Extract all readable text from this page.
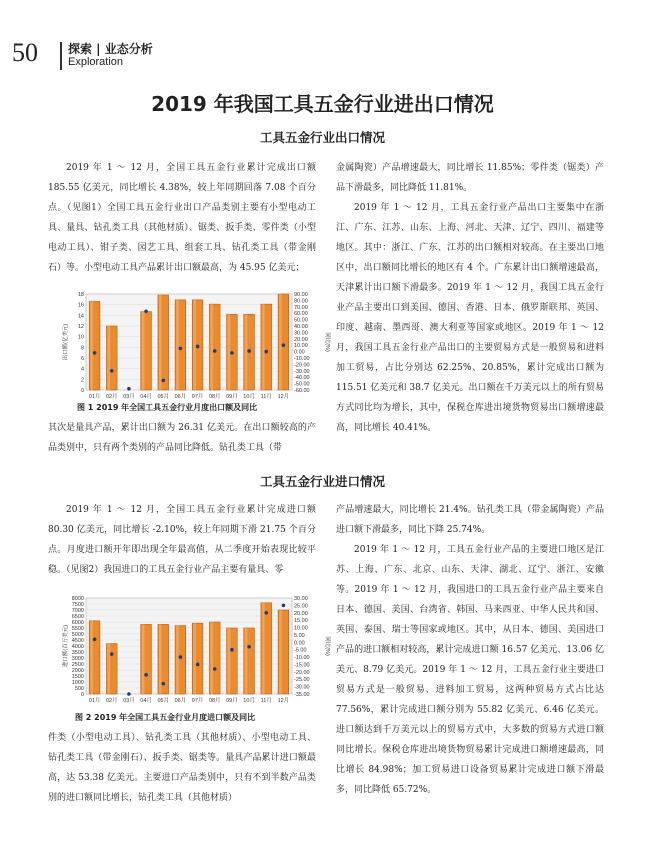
50	探索 | 业态分析
Exploration
2019 年我国工具五金行业进出口情况
工具五金行业出口情况
2019 年 1 ～ 12 月，全国工具五金行业累计完成出口额 185.55 亿美元，同比增长 4.38%，较上年同期回落 7.08 个百分点。（见图1）全国工具五金行业出口产品类别主要有小型电动工具、量具、钻孔类工具（其他材质）、锯类、扳手类、零件类（小型电动工具）、钳子类、园艺工具、组套工具、钻孔类工具（带金刚石）等。小型电动工具产品累计出口额最高，为 45.95 亿美元；
0
2
4
6
8
10
12
14
16
18
-60.00
-50.00
-40.00
-30.00
-20.00
-10.00
0.00
10.00
20.00
30.00
40.00
50.00
60.00
70.00
80.00
90.00
出口额(亿美元)	同比(%)
01月 02月 03月 04月 05月 06月 07月 08月 09月 10月 11月 12月
图 1 2019 年全国工具五金行业月度出口额及同比
其次是量具产品，累计出口额为 26.31 亿美元。在出口额较高的产品类别中，只有两个类别的产品同比降低。钻孔类工具（带
金属陶瓷）产品增速最大，同比增长 11.85%；零件类（锯类）产品下滑最多，同比降低 11.81%。
2019 年 1 ～ 12 月，工具五金行业产品出口主要集中在浙江、广东、江苏、山东、上海、河北、天津、辽宁、四川、福建等地区。其中：浙江、广东、江苏的出口额相对较高。在主要出口地区中，出口额同比增长的地区有 4 个。广东累计出口额增速最高，天津累计出口额下滑最多。2019 年 1 ～ 12 月，我国工具五金行业产品主要出口到美国、德国、香港、日本、俄罗斯联邦、英国、印度、越南、墨西哥、澳大利亚等国家或地区。2019 年 1 ～ 12 月，我国工具五金行业产品出口的主要贸易方式是一般贸易和进料加工贸易，占比分别达 62.25%、20.85%，累计完成出口额为 115.51 亿美元和 38.7 亿美元。出口额在千万美元以上的所有贸易方式同比均为增长，其中，保税仓库进出境货物贸易出口额增速最高，同比增长 40.41%。
工具五金行业进口情况
2019 年 1 ～ 12 月，全国工具五金行业累计完成进口额 80.30 亿美元，同比增长 -2.10%，较上年同期下滑 21.75 个百分点。月度进口额开年即出现全年最高值，从二季度开始表现比较平稳。（见图2）我国进口的工具五金行业产品主要有量具、零
0
500
1000
1500
2000
2500
3000
3500
4000
4500
5000
5500
6000
6500
7000
7500
8000
-35.00
-30.00
-25.00
-20.00
-15.00
-10.00
-5.00
0.00
5.00
10.00
15.00
20.00
25.00
30.00
进口额(百万美元)	同比(%)
01月 02月 03月 04月 05月 06月 07月 08月 09月 10月 11月 12月
图 2 2019 年全国工具五金行业月度进口额及同比
件类（小型电动工具）、钻孔类工具（其他材质）、小型电动工具、钻孔类工具（带金刚石）、扳手类、锯类等。量具产品累计进口额最高，达 53.38 亿美元。主要进口产品类别中，只有不到半数产品类别的进口额同比增长，钻孔类工具（其他材质）
产品增速最大，同比增长 21.4%。钻孔类工具（带金属陶瓷）产品进口额下滑最多，同比下降 25.74%。
2019 年 1 ～ 12 月，工具五金行业产品的主要进口地区是江苏、上海、广东、北京、山东、天津、湖北、辽宁、浙江、安徽等。2019 年 1 ～ 12 月，我国进口的工具五金行业产品主要来自日本、德国、美国、台湾省、韩国、马来西亚、中华人民共和国、英国、泰国、瑞士等国家或地区。其中，从日本、德国、美国进口产品的进口额相对较高，累计完成进口额 16.57 亿美元、13.06 亿美元、8.79 亿美元。2019 年 1 ～ 12 月，工具五金行业主要进口贸易方式是一般贸易、进料加工贸易，这两种贸易方式占比达 77.56%，累计完成进口额分别为 55.82 亿美元、6.46 亿美元。进口额达到千万美元以上的贸易方式中，大多数的贸易方式进口额同比增长。保税仓库进出境货物贸易累计完成进口额增速最高，同比增长 84.98%；加工贸易进口设备贸易累计完成进口额下滑最多，同比降低 65.72%。
